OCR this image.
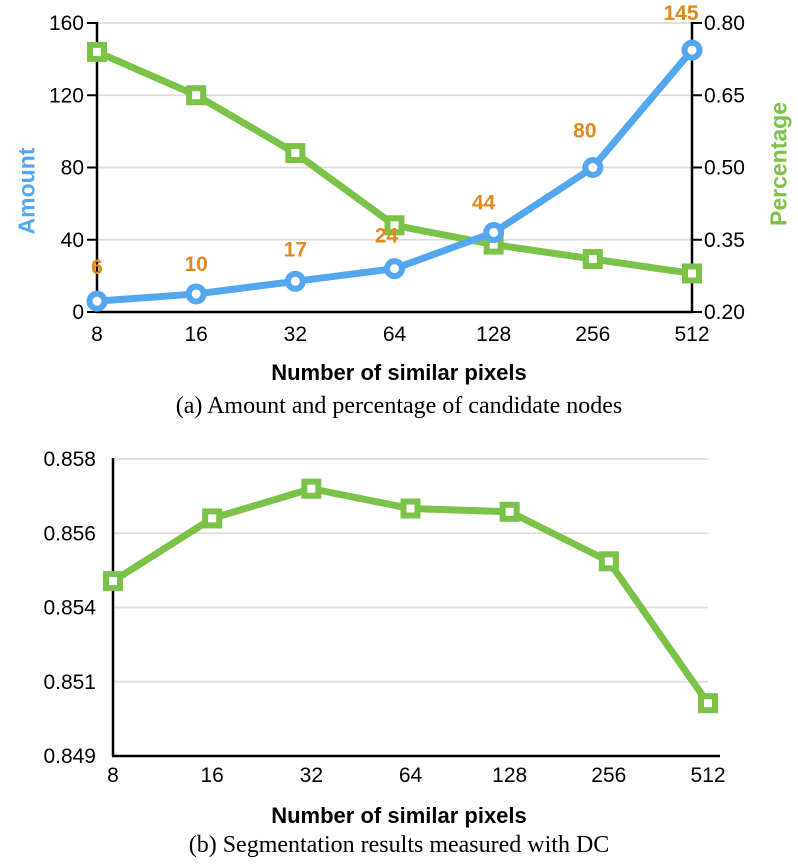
160
120
80
40
0
0.80
0.65
0.50
0.35
0.20
8	16	32	64	128	256	512
6	10
17
24
44
80
145
Amount	Percentage
Number of similar pixels
(a) Amount and percentage of candidate nodes
0.858
0.856
0.854
0.851
0.849
8	16	32	64	128	256	512
Number of similar pixels
(b) Segmentation results measured with DC
